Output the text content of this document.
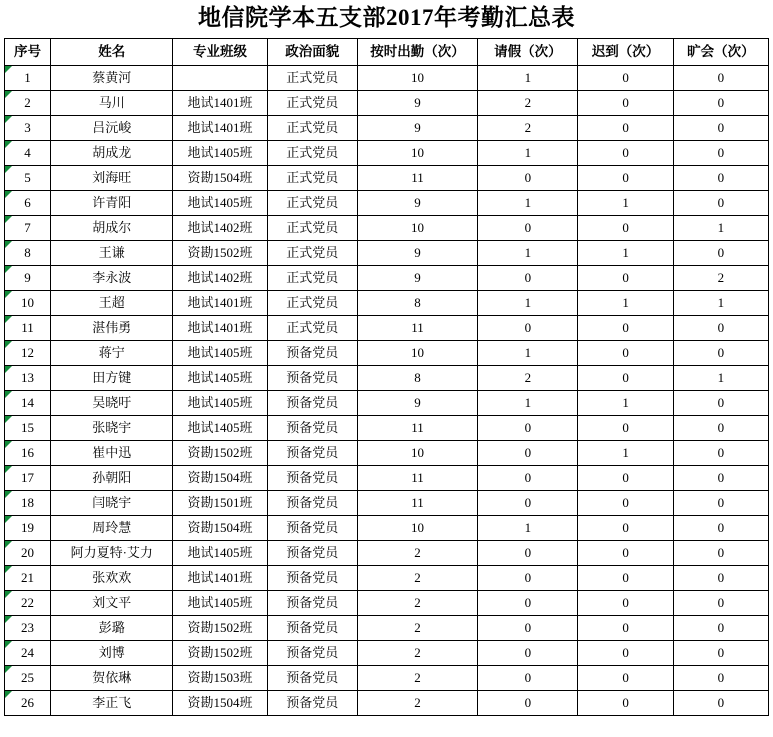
地信院学本五支部2017年考勤汇总表
序号	姓名	专业班级	政治面貌	按时出勤（次）	请假（次）	迟到（次）	旷会（次）
1	蔡黄河		正式党员	10	1	0	0
2	马川	地试1401班	正式党员	9	2	0	0
3	吕沅峻	地试1401班	正式党员	9	2	0	0
4	胡成龙	地试1405班	正式党员	10	1	0	0
5	刘海旺	资勘1504班	正式党员	11	0	0	0
6	许青阳	地试1405班	正式党员	9	1	1	0
7	胡成尔	地试1402班	正式党员	10	0	0	1
8	王谦	资勘1502班	正式党员	9	1	1	0
9	李永波	地试1402班	正式党员	9	0	0	2
10	王超	地试1401班	正式党员	8	1	1	1
11	湛伟勇	地试1401班	正式党员	11	0	0	0
12	蒋宁	地试1405班	预备党员	10	1	0	0
13	田方键	地试1405班	预备党员	8	2	0	1
14	吴晓吁	地试1405班	预备党员	9	1	1	0
15	张晓宇	地试1405班	预备党员	11	0	0	0
16	崔中迅	资勘1502班	预备党员	10	0	1	0
17	孙朝阳	资勘1504班	预备党员	11	0	0	0
18	闫晓宇	资勘1501班	预备党员	11	0	0	0
19	周玲慧	资勘1504班	预备党员	10	1	0	0
20	阿力夏特·艾力	地试1405班	预备党员	2	0	0	0
21	张欢欢	地试1401班	预备党员	2	0	0	0
22	刘文平	地试1405班	预备党员	2	0	0	0
23	彭璐	资勘1502班	预备党员	2	0	0	0
24	刘博	资勘1502班	预备党员	2	0	0	0
25	贺依琳	资勘1503班	预备党员	2	0	0	0
26	李正飞	资勘1504班	预备党员	2	0	0	0
